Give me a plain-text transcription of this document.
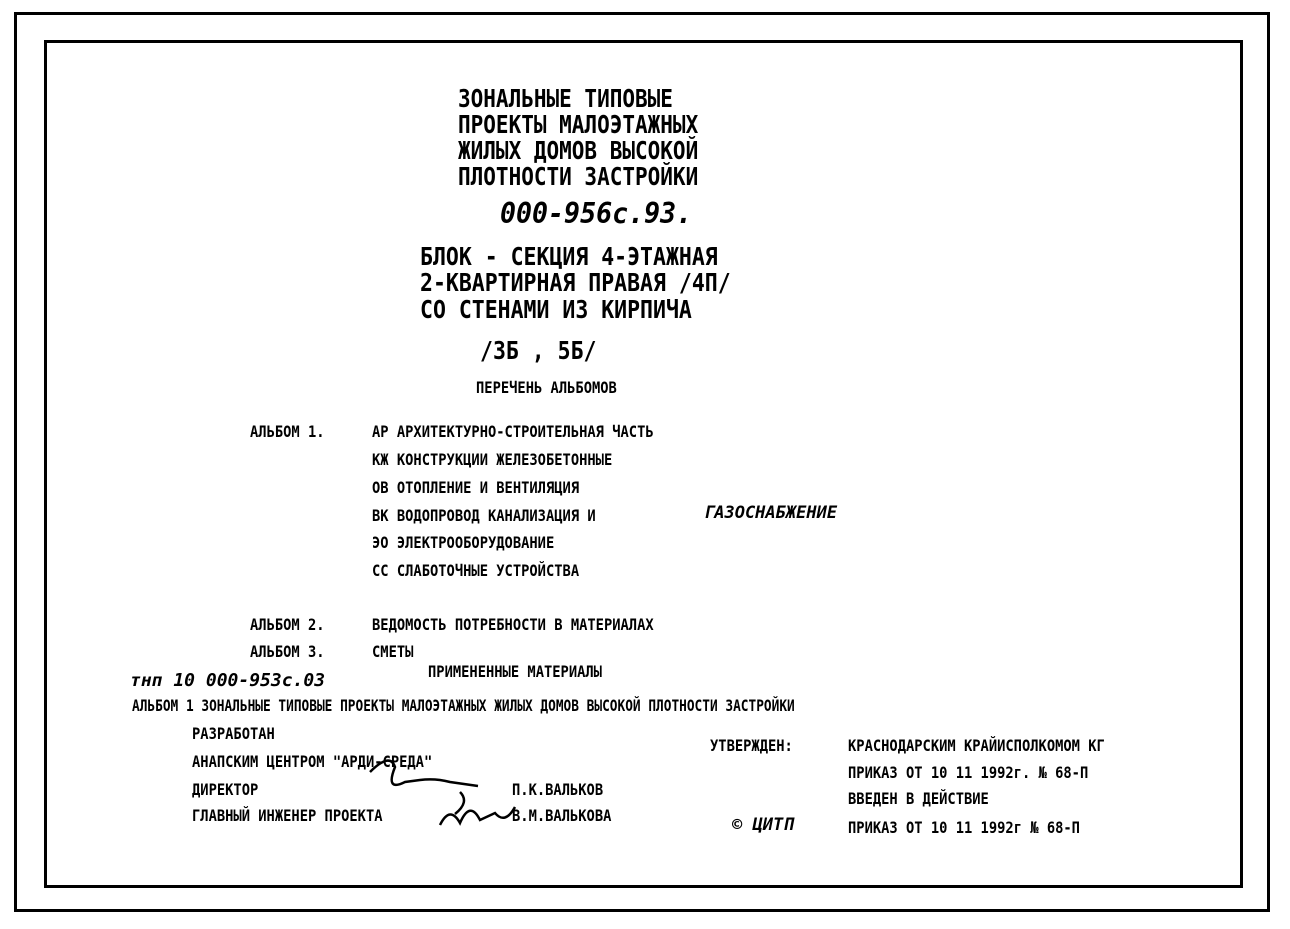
ЗОНАЛЬНЫЕ ТИПОВЫЕ
ПРОЕКТЫ МАЛОЭТАЖНЫХ
ЖИЛЫХ ДОМОВ ВЫСОКОЙ
ПЛОТНОСТИ ЗАСТРОЙКИ
000-956с.93.
БЛОК - СЕКЦИЯ 4-ЭТАЖНАЯ
2-КВАРТИРНАЯ ПРАВАЯ /4П/
СО СТЕНАМИ ИЗ КИРПИЧА
/3Б , 5Б/
ПЕРЕЧЕНЬ АЛЬБОМОВ
АЛЬБОМ 1.	АР АРХИТЕКТУРНО-СТРОИТЕЛЬНАЯ ЧАСТЬ
КЖ КОНСТРУКЦИИ ЖЕЛЕЗОБЕТОННЫЕ
ОВ ОТОПЛЕНИЕ И ВЕНТИЛЯЦИЯ
ВК ВОДОПРОВОД КАНАЛИЗАЦИЯ И	ГАЗОСНАБЖЕНИЕ
ЭО ЭЛЕКТРООБОРУДОВАНИЕ
СС СЛАБОТОЧНЫЕ УСТРОЙСТВА
АЛЬБОМ 2.	ВЕДОМОСТЬ ПОТРЕБНОСТИ В МАТЕРИАЛАХ
АЛЬБОМ 3.	СМЕТЫ
ПРИМЕНЕННЫЕ МАТЕРИАЛЫ
тнп 10 000-953с.03
АЛЬБОМ 1 ЗОНАЛЬНЫЕ ТИПОВЫЕ ПРОЕКТЫ МАЛОЭТАЖНЫХ ЖИЛЫХ ДОМОВ ВЫСОКОЙ ПЛОТНОСТИ ЗАСТРОЙКИ
РАЗРАБОТАН
АНАПСКИМ ЦЕНТРОМ "АРДИ-СРЕДА"
ДИРЕКТОР	П.К.ВАЛЬКОВ
ГЛАВНЫЙ ИНЖЕНЕР ПРОЕКТА	В.М.ВАЛЬКОВА
УТВЕРЖДЕН:	КРАСНОДАРСКИМ КРАЙИСПОЛКОМОМ КГ
ПРИКАЗ ОТ 10 11 1992г. № 68-П
ВВЕДЕН В ДЕЙСТВИЕ
ПРИКАЗ ОТ 10 11 1992г № 68-П
© ЦИТП
